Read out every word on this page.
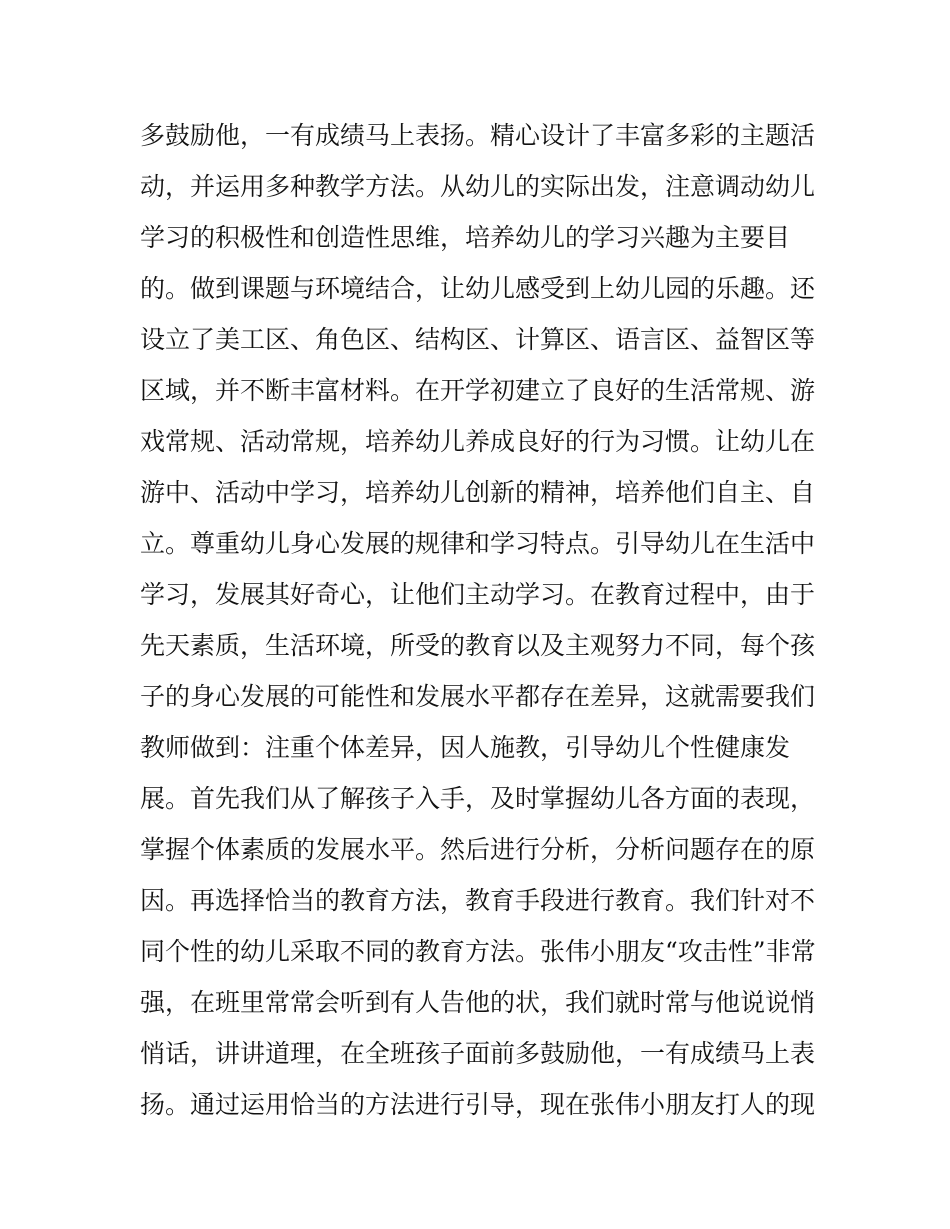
多鼓励他，一有成绩马上表扬。精心设计了丰富多彩的主题活
动，并运用多种教学方法。从幼儿的实际出发，注意调动幼儿
学习的积极性和创造性思维，培养幼儿的学习兴趣为主要目
的。做到课题与环境结合，让幼儿感受到上幼儿园的乐趣。还
设立了美工区、角色区、结构区、计算区、语言区、益智区等
区域，并不断丰富材料。在开学初建立了良好的生活常规、游
戏常规、活动常规，培养幼儿养成良好的行为习惯。让幼儿在
游中、活动中学习，培养幼儿创新的精神，培养他们自主、自
立。尊重幼儿身心发展的规律和学习特点。引导幼儿在生活中
学习，发展其好奇心，让他们主动学习。在教育过程中，由于
先天素质，生活环境，所受的教育以及主观努力不同，每个孩
子的身心发展的可能性和发展水平都存在差异，这就需要我们
教师做到：注重个体差异，因人施教，引导幼儿个性健康发
展。首先我们从了解孩子入手，及时掌握幼儿各方面的表现，
掌握个体素质的发展水平。然后进行分析，分析问题存在的原
因。再选择恰当的教育方法，教育手段进行教育。我们针对不
同个性的幼儿采取不同的教育方法。张伟小朋友“攻击性”非常
强，在班里常常会听到有人告他的状，我们就时常与他说说悄
悄话，讲讲道理，在全班孩子面前多鼓励他，一有成绩马上表
扬。通过运用恰当的方法进行引导，现在张伟小朋友打人的现
